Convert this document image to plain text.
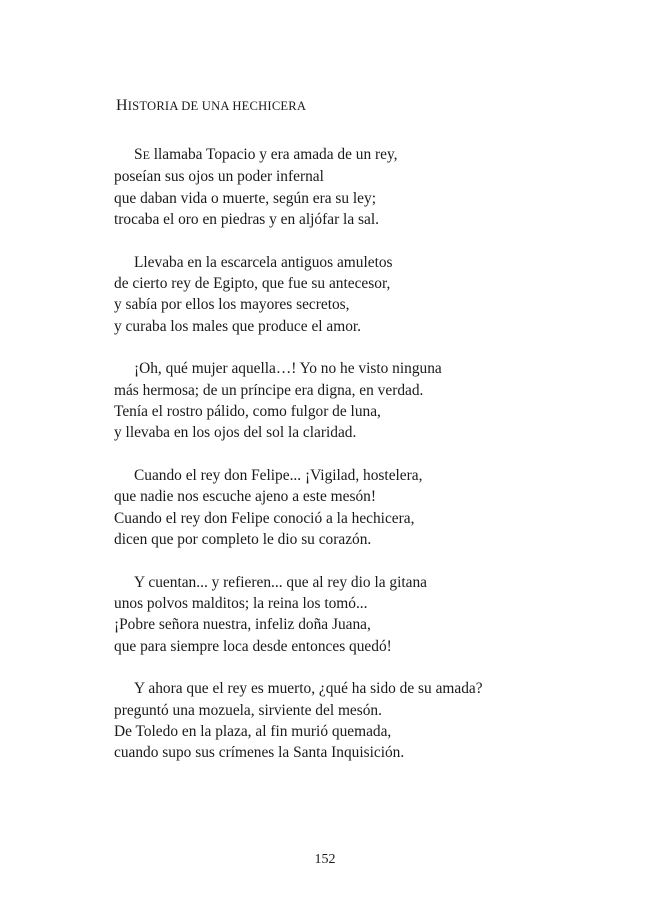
HISTORIA DE UNA HECHICERA
SE llamaba Topacio y era amada de un rey,
poseían sus ojos un poder infernal
que daban vida o muerte, según era su ley;
trocaba el oro en piedras y en aljófar la sal.
Llevaba en la escarcela antiguos amuletos
de cierto rey de Egipto, que fue su antecesor,
y sabía por ellos los mayores secretos,
y curaba los males que produce el amor.
¡Oh, qué mujer aquella…! Yo no he visto ninguna
más hermosa; de un príncipe era digna, en verdad.
Tenía el rostro pálido, como fulgor de luna,
y llevaba en los ojos del sol la claridad.
Cuando el rey don Felipe... ¡Vigilad, hostelera,
que nadie nos escuche ajeno a este mesón!
Cuando el rey don Felipe conoció a la hechicera,
dicen que por completo le dio su corazón.
Y cuentan... y refieren... que al rey dio la gitana
unos polvos malditos; la reina los tomó...
¡Pobre señora nuestra, infeliz doña Juana,
que para siempre loca desde entonces quedó!
Y ahora que el rey es muerto, ¿qué ha sido de su amada?
preguntó una mozuela, sirviente del mesón.
De Toledo en la plaza, al fin murió quemada,
cuando supo sus crímenes la Santa Inquisición.
152
